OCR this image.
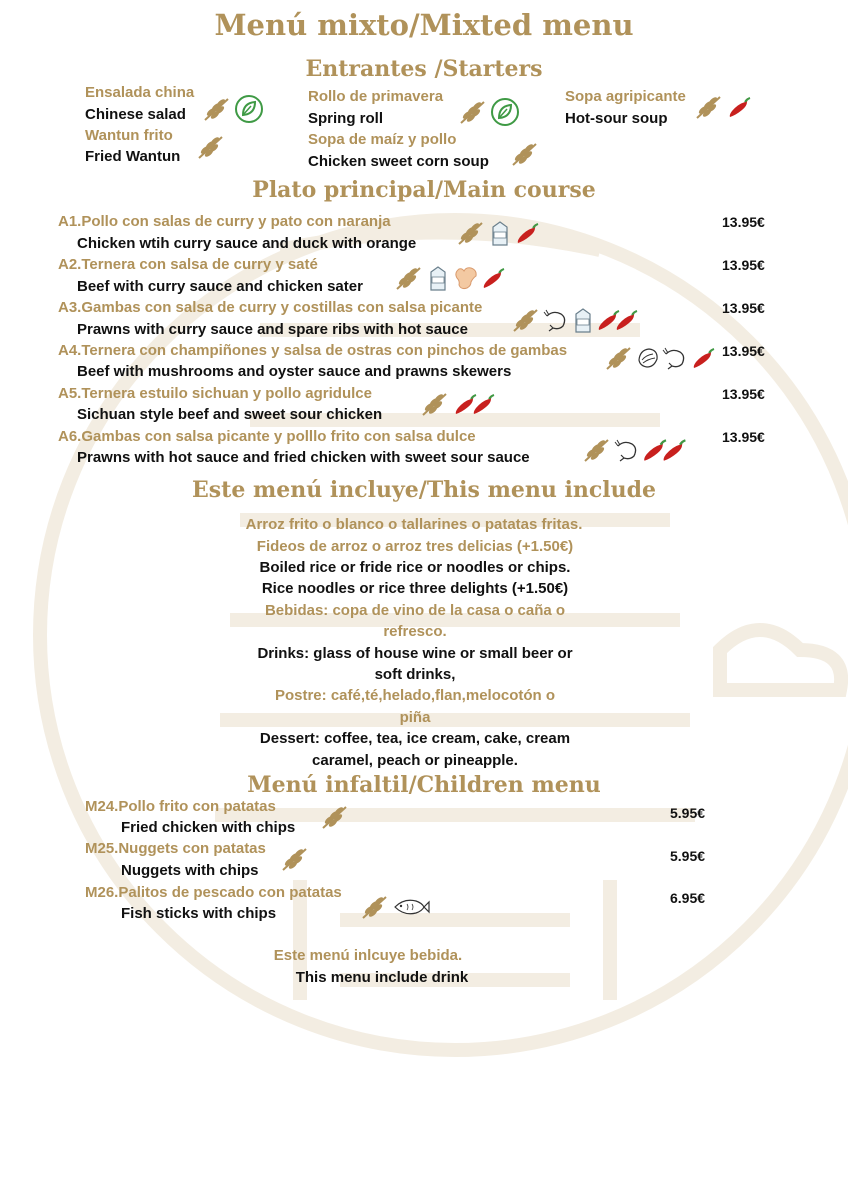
Menú mixto/Mixted menu
Entrantes /Starters
Ensalada china
Chinese salad
Wantun frito
Fried Wantun
Rollo de primavera
Spring roll
Sopa de maíz y pollo
Chicken sweet corn soup
Sopa agripicante
Hot-sour soup
Plato principal/Main course
A1.Pollo con salas de curry y pato con naranja
Chicken wtih curry sauce and duck with orange
13.95€
A2.Ternera con salsa de curry y saté
Beef with curry sauce and chicken sater
13.95€
A3.Gambas con salsa de curry y costillas con salsa picante
Prawns with curry sauce and spare ribs with hot sauce
13.95€
A4.Ternera con champiñones y salsa de ostras con pinchos de gambas
Beef with mushrooms and oyster sauce and prawns skewers
13.95€
A5.Ternera estuilo sichuan y pollo agridulce
Sichuan style beef and sweet sour chicken
13.95€
A6.Gambas con salsa picante y polllo frito con salsa dulce
Prawns with hot sauce and fried chicken with sweet sour sauce
13.95€
Este menú incluye/This menu include
Arroz frito o blanco o tallarines o patatas fritas.
Fideos de arroz o arroz tres delicias (+1.50€)
Boiled rice or fride rice or noodles or chips.
Rice noodles or rice three delights (+1.50€)
Bebidas: copa de vino de la casa o caña o
refresco.
Drinks: glass of house wine or small beer or
soft drinks,
Postre: café,té,helado,flan,melocotón o
piña
Dessert: coffee, tea, ice cream, cake, cream
caramel, peach or pineapple.
Menú infaltil/Children menu
M24.Pollo frito con patatas
Fried chicken with chips
5.95€
M25.Nuggets con patatas
Nuggets with chips
5.95€
M26.Palitos de pescado con patatas
Fish sticks with chips
6.95€
Este menú inlcuye bebida.
This menu include drink
